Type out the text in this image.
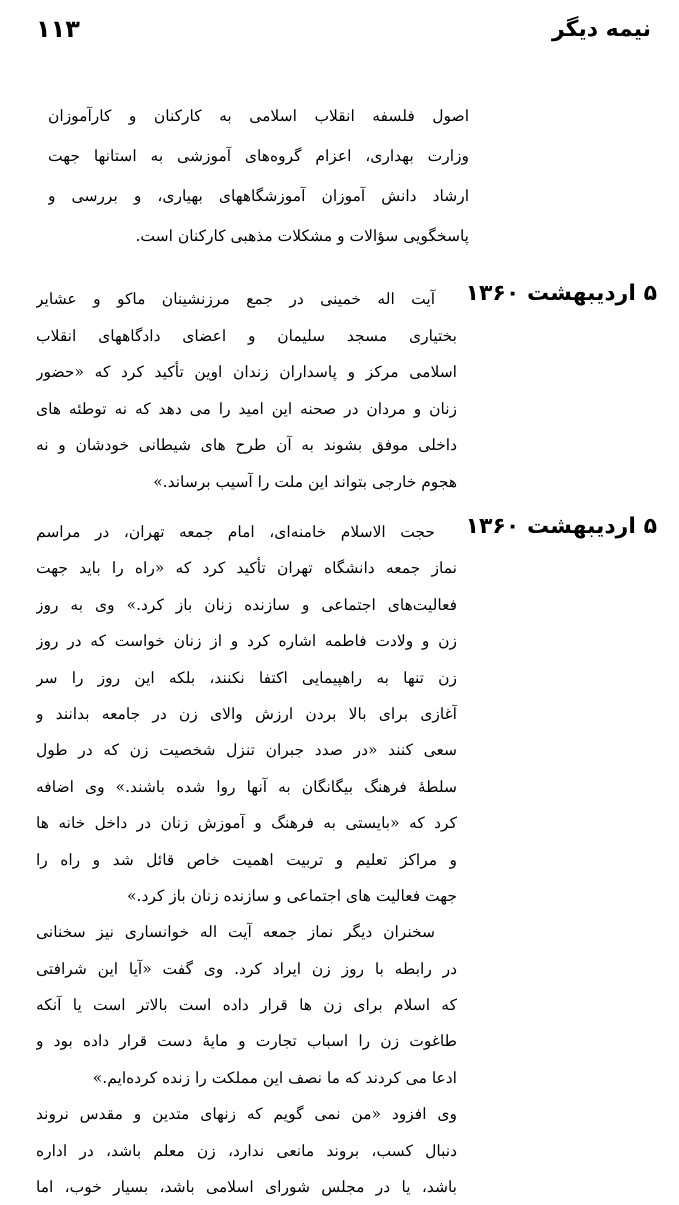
نیمه دیگر
۱۱۳
اصول فلسفه انقلاب اسلامی به کارکنان و کارآموزان
وزارت بهداری، اعزام گروه‌های آموزشی به استانها جهت
ارشاد دانش آموزان آموزشگاههای بهیاری، و بررسی و
پاسخگویی سؤالات و مشکلات مذهبی کارکنان است.
۵ اردیبهشت ۱۳۶۰
آیت اله خمینی در جمع مرزنشینان ماکو و عشایر
بختیاری مسجد سلیمان و اعضای دادگاههای انقلاب
اسلامی مرکز و پاسداران زندان اوین تأکید کرد که «حضور
زنان و مردان در صحنه این امید را می دهد که نه توطئه های
داخلی موفق بشوند به آن طرح های شیطانی خودشان و نه
هجوم خارجی بتواند این ملت را آسیب برساند.»
۵ اردیبهشت ۱۳۶۰
حجت الاسلام خامنه‌ای، امام جمعه تهران، در مراسم
نماز جمعه دانشگاه تهران تأکید کرد که «راه را باید جهت
فعالیت‌های اجتماعی و سازنده زنان باز کرد.» وی به روز
زن و ولادت فاطمه اشاره کرد و از زنان خواست که در روز
زن تنها به راهپیمایی اکتفا نکنند، بلکه این روز را سر
آغازی برای بالا بردن ارزش والای زن در جامعه بدانند و
سعی کنند «در صدد جبران تنزل شخصیت زن که در طول
سلطهٔ فرهنگ بیگانگان به آنها روا شده باشند.» وی اضافه
کرد که «بایستی به فرهنگ و آموزش زنان در داخل خانه ها
و مراکز تعلیم و تربیت اهمیت خاص قائل شد و راه را
جهت فعالیت های اجتماعی و سازنده زنان باز کرد.»
سخنران دیگر نماز جمعه آیت اله خوانساری نیز سخنانی
در رابطه با روز زن ایراد کرد. وی گفت «آیا این شرافتی
که اسلام برای زن ها قرار داده است بالاتر است یا آنکه
طاغوت زن را اسباب تجارت و مایهٔ دست قرار داده بود و
ادعا می کردند که ما نصف این مملکت را زنده کرده‌ایم.»
وی افزود «من نمی گویم که زنهای متدین و مقدس نروند
دنبال کسب، بروند مانعی ندارد، زن معلم باشد، در اداره
باشد، یا در مجلس شورای اسلامی باشد، بسیار خوب، اما
